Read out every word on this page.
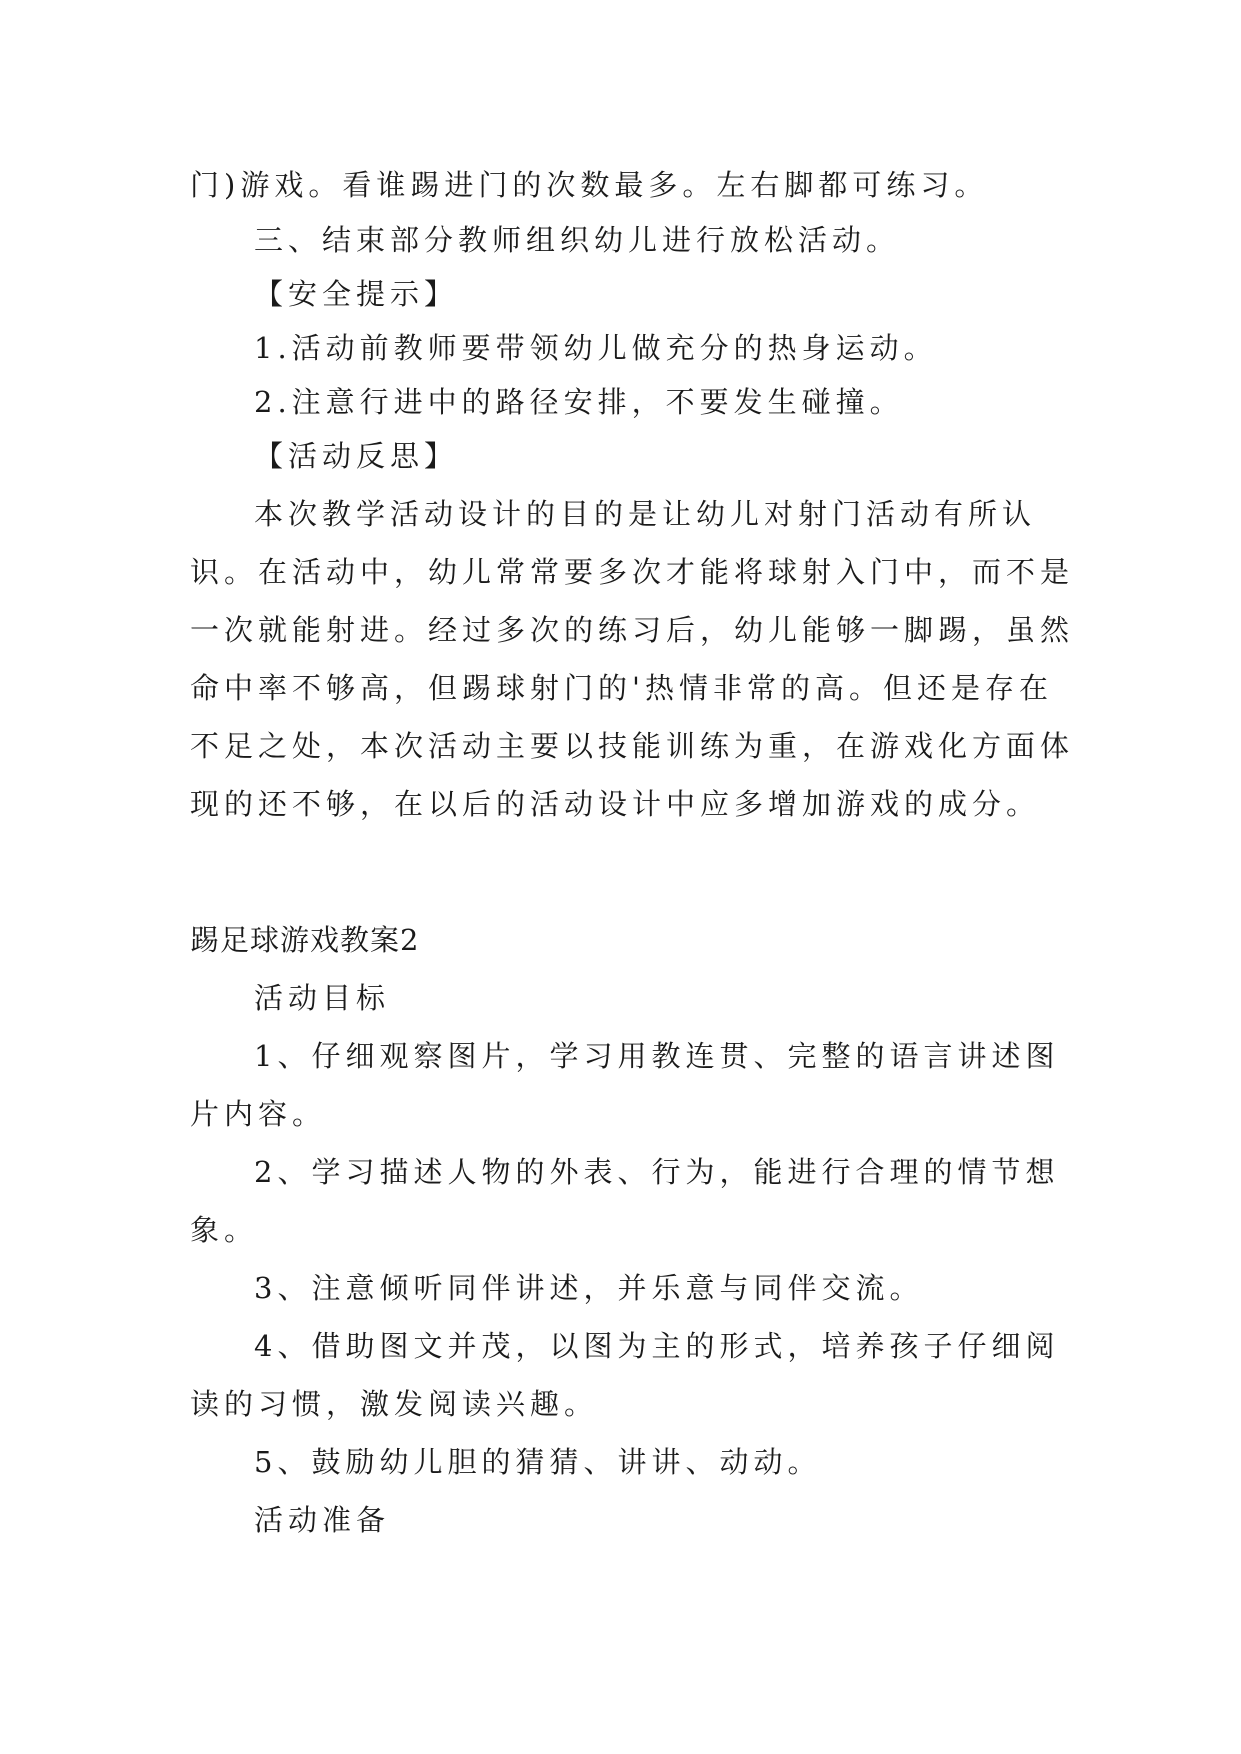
门)游戏。看谁踢进门的次数最多。左右脚都可练习。
三、结束部分教师组织幼儿进行放松活动。
【安全提示】
1.活动前教师要带领幼儿做充分的热身运动。
2.注意行进中的路径安排，不要发生碰撞。
【活动反思】
本次教学活动设计的目的是让幼儿对射门活动有所认
识。在活动中，幼儿常常要多次才能将球射入门中，而不是
一次就能射进。经过多次的练习后，幼儿能够一脚踢，虽然
命中率不够高，但踢球射门的'热情非常的高。但还是存在
不足之处，本次活动主要以技能训练为重，在游戏化方面体
现的还不够，在以后的活动设计中应多增加游戏的成分。
踢足球游戏教案2
活动目标
1、仔细观察图片，学习用教连贯、完整的语言讲述图
片内容。
2、学习描述人物的外表、行为，能进行合理的情节想
象。
3、注意倾听同伴讲述，并乐意与同伴交流。
4、借助图文并茂，以图为主的形式，培养孩子仔细阅
读的习惯，激发阅读兴趣。
5、鼓励幼儿胆的猜猜、讲讲、动动。
活动准备
